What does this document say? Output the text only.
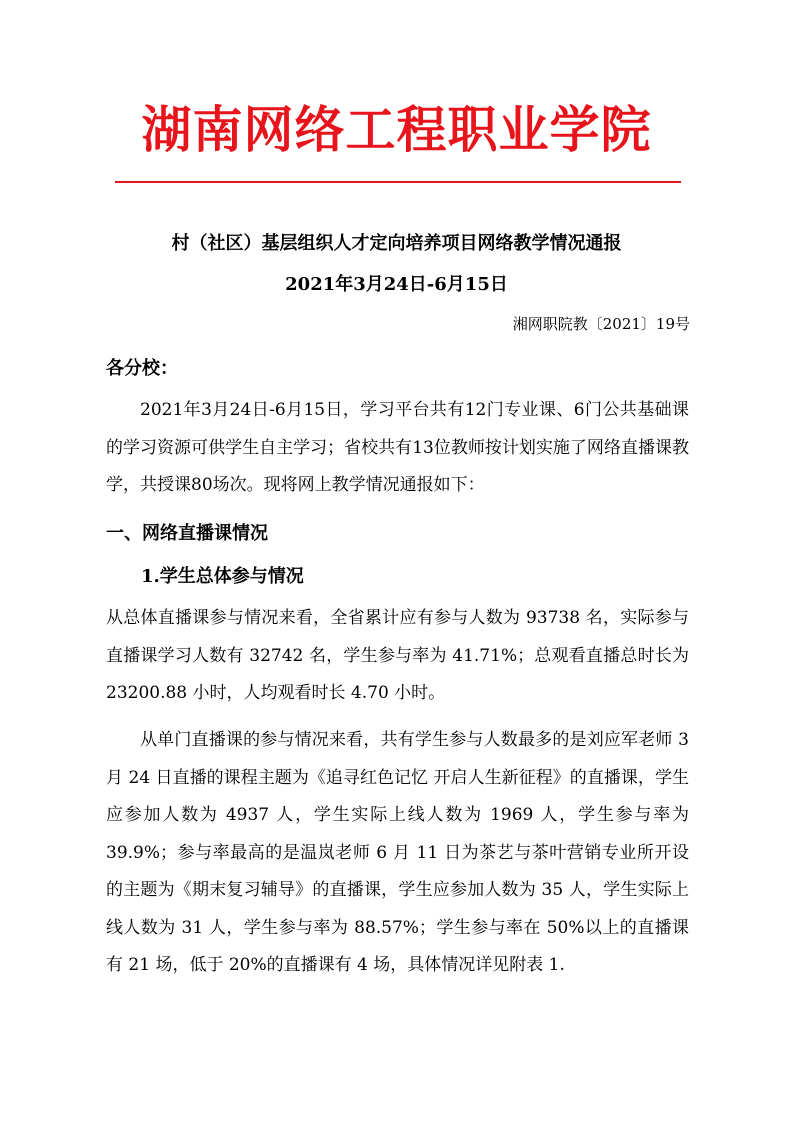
湖南网络工程职业学院
村（社区）基层组织人才定向培养项目网络教学情况通报
2021年3月24日-6月15日
湘网职院教〔2021〕19号
各分校：

2021年3月24日-6月15日，学习平台共有12门专业课、6门公共基础课的学习资源可供学生自主学习；省校共有13位教师按计划实施了网络直播课教学，共授课80场次。现将网上教学情况通报如下：

一、网络直播课情况
1.学生总体参与情况

从总体直播课参与情况来看，全省累计应有参与人数为 93738 名，实际参与直播课学习人数有 32742 名，学生参与率为 41.71%；总观看直播总时长为 23200.88 小时，人均观看时长 4.70 小时。

从单门直播课的参与情况来看，共有学生参与人数最多的是刘应军老师 3 月 24 日直播的课程主题为《追寻红色记忆 开启人生新征程》的直播课，学生应参加人数为 4937 人，学生实际上线人数为 1969 人，学生参与率为 39.9%；参与率最高的是温岚老师 6 月 11 日为茶艺与茶叶营销专业所开设的主题为《期末复习辅导》的直播课，学生应参加人数为 35 人，学生实际上线人数为 31 人，学生参与率为 88.57%；学生参与率在 50%以上的直播课有 21 场，低于 20%的直播课有 4 场，具体情况详见附表 1.
